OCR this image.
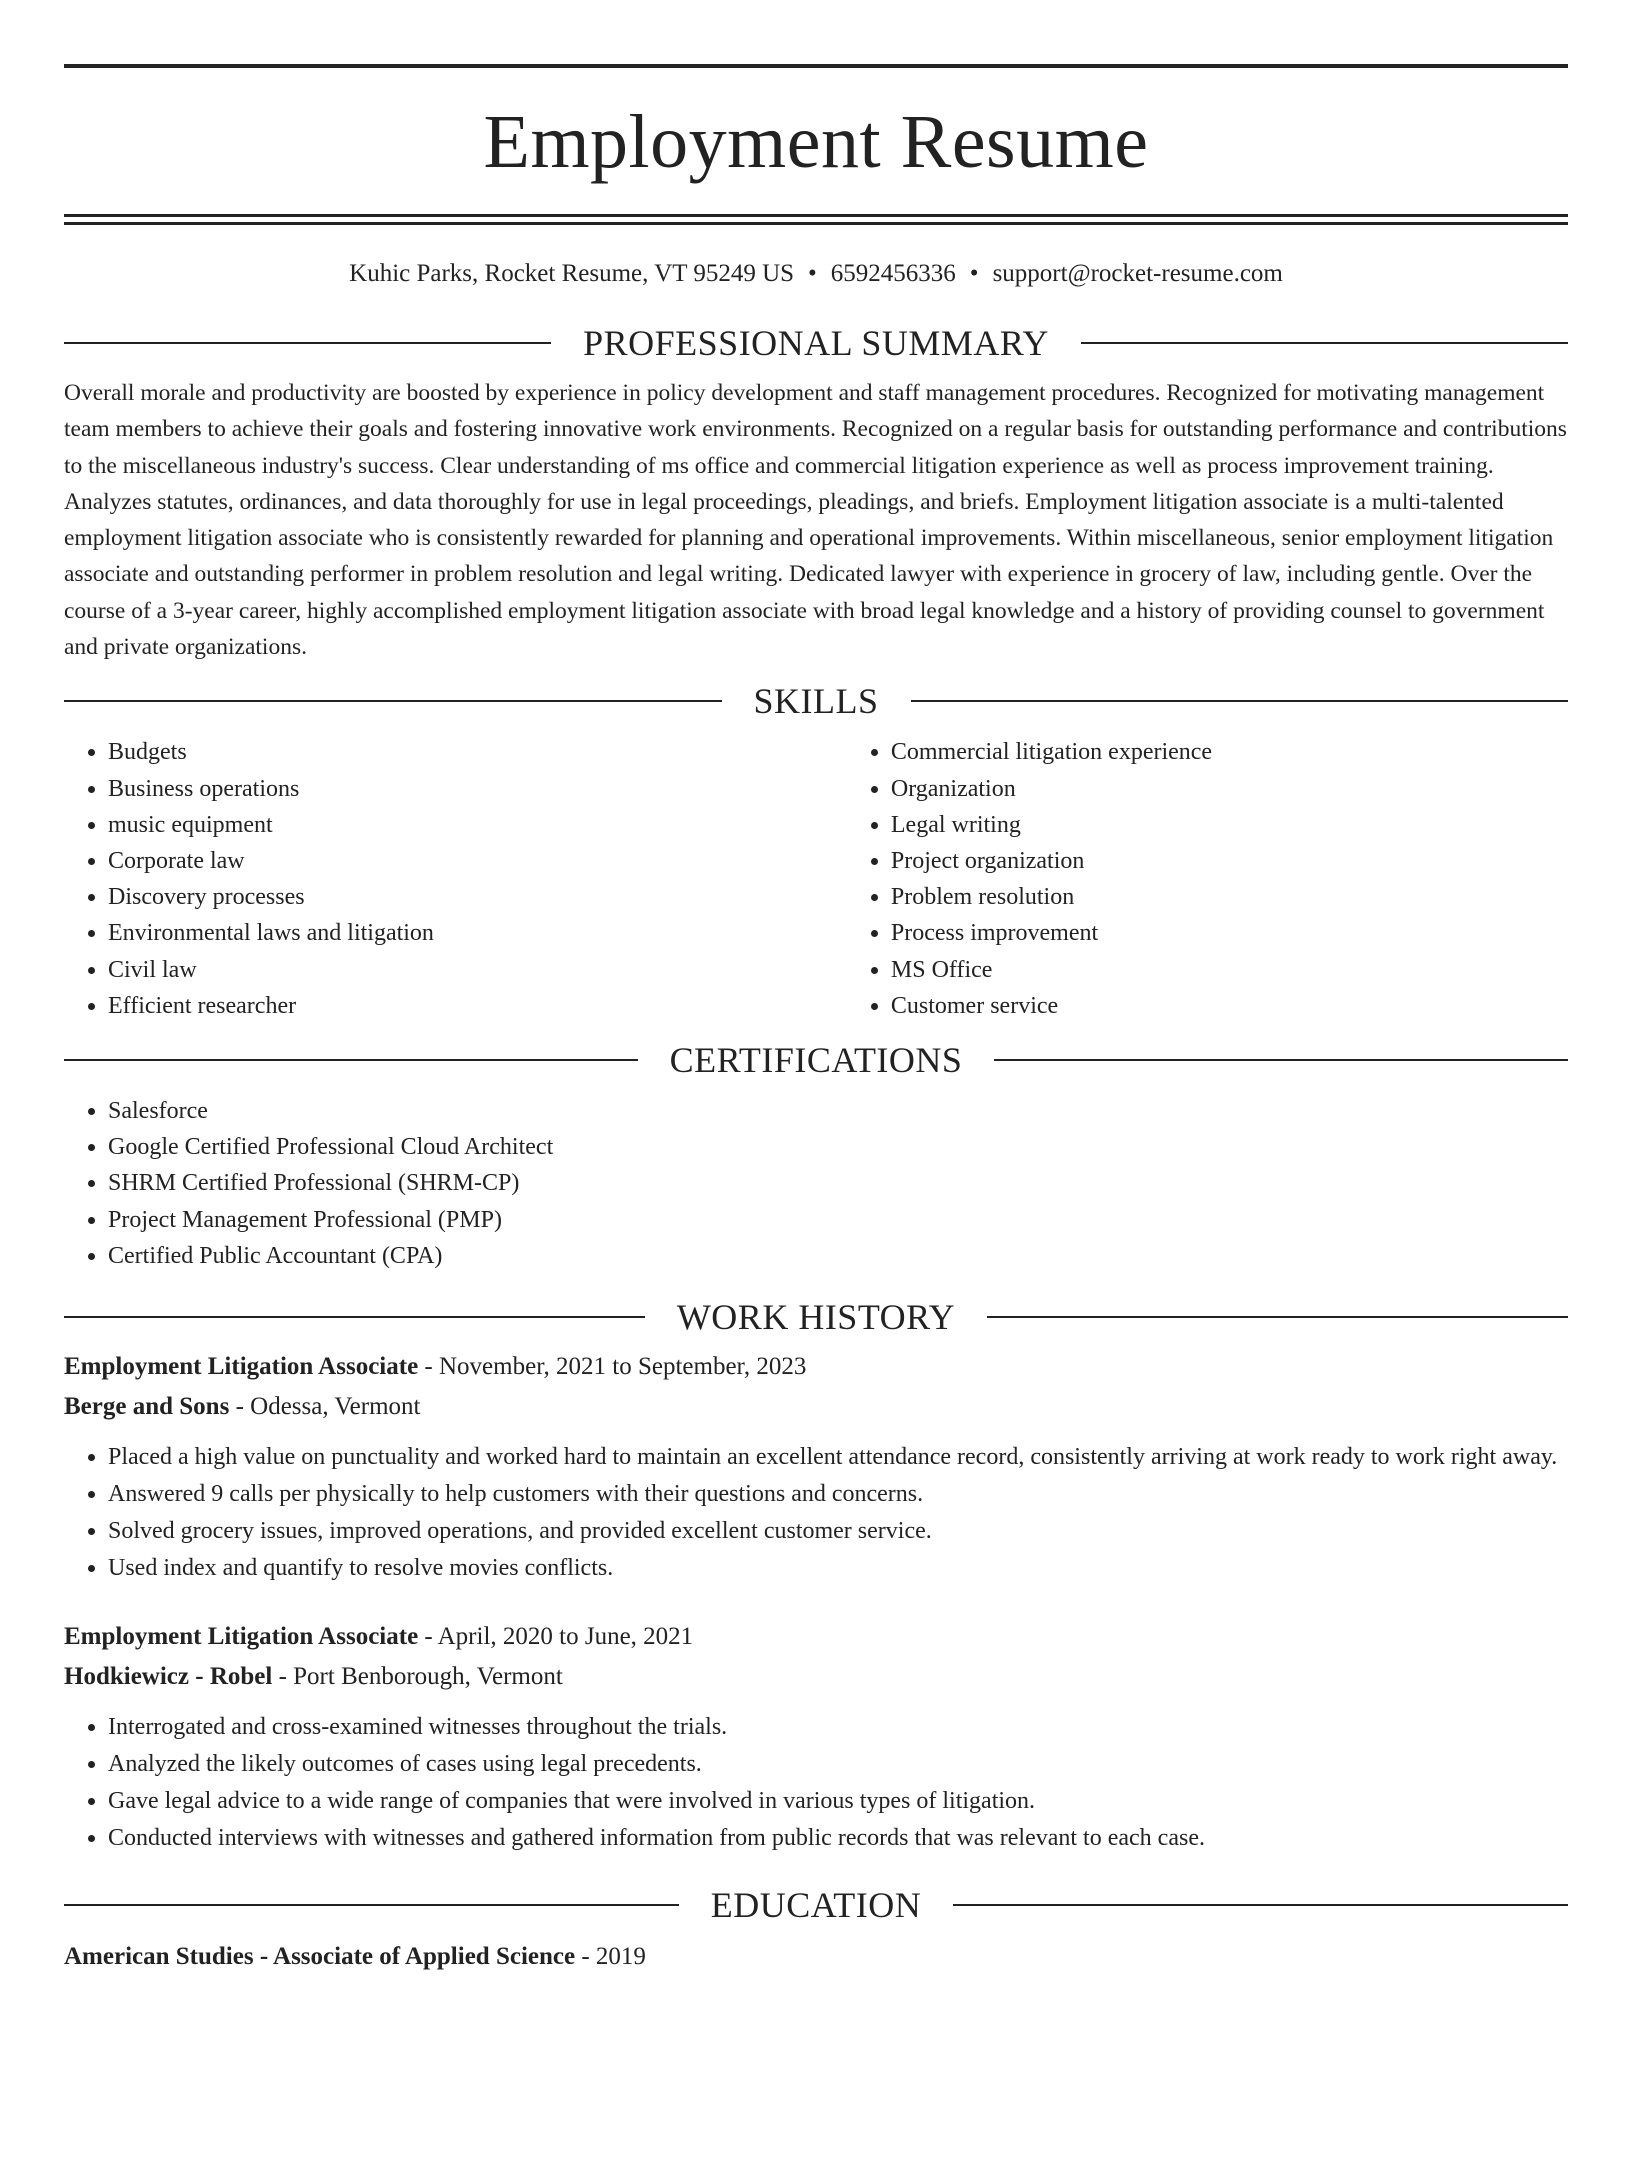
Employment Resume

Kuhic Parks, Rocket Resume, VT 95249 US • 6592456336 • support@rocket-resume.com

PROFESSIONAL SUMMARY

Overall morale and productivity are boosted by experience in policy development and staff management procedures. Recognized for motivating management team members to achieve their goals and fostering innovative work environments. Recognized on a regular basis for outstanding performance and contributions to the miscellaneous industry's success. Clear understanding of ms office and commercial litigation experience as well as process improvement training. Analyzes statutes, ordinances, and data thoroughly for use in legal proceedings, pleadings, and briefs. Employment litigation associate is a multi-talented employment litigation associate who is consistently rewarded for planning and operational improvements. Within miscellaneous, senior employment litigation associate and outstanding performer in problem resolution and legal writing. Dedicated lawyer with experience in grocery of law, including gentle. Over the course of a 3-year career, highly accomplished employment litigation associate with broad legal knowledge and a history of providing counsel to government and private organizations.

SKILLS
• Budgets
• Business operations
• music equipment
• Corporate law
• Discovery processes
• Environmental laws and litigation
• Civil law
• Efficient researcher
• Commercial litigation experience
• Organization
• Legal writing
• Project organization
• Problem resolution
• Process improvement
• MS Office
• Customer service
CERTIFICATIONS
• Salesforce
• Google Certified Professional Cloud Architect
• SHRM Certified Professional (SHRM-CP)
• Project Management Professional (PMP)
• Certified Public Accountant (CPA)
WORK HISTORY
Employment Litigation Associate - November, 2021 to September, 2023
Berge and Sons - Odessa, Vermont
• Placed a high value on punctuality and worked hard to maintain an excellent attendance record, consistently arriving at work ready to work right away.
• Answered 9 calls per physically to help customers with their questions and concerns.
• Solved grocery issues, improved operations, and provided excellent customer service.
• Used index and quantify to resolve movies conflicts.
Employment Litigation Associate - April, 2020 to June, 2021
Hodkiewicz - Robel - Port Benborough, Vermont
• Interrogated and cross-examined witnesses throughout the trials.
• Analyzed the likely outcomes of cases using legal precedents.
• Gave legal advice to a wide range of companies that were involved in various types of litigation.
• Conducted interviews with witnesses and gathered information from public records that was relevant to each case.
EDUCATION
American Studies - Associate of Applied Science - 2019
